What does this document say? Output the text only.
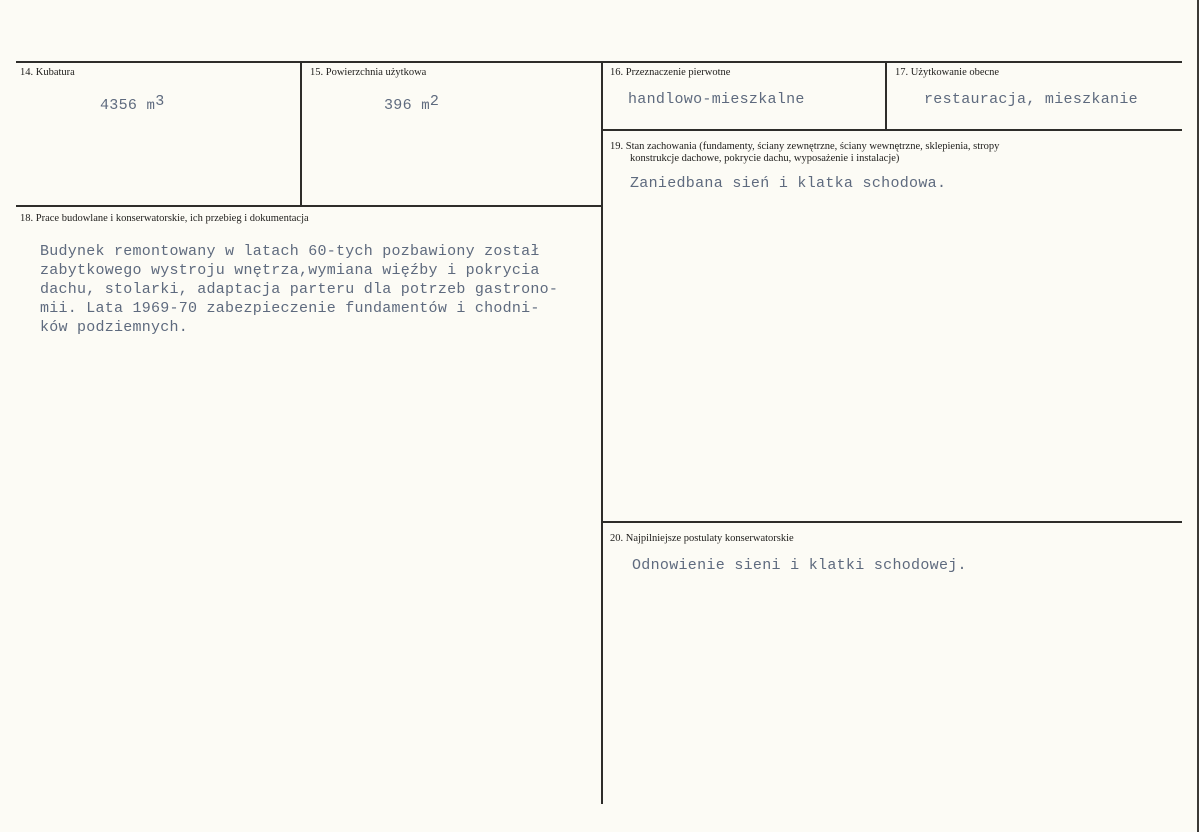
14. Kubatura
4356 $m^3$
15. Powierzchnia użytkowa
396 $m^2$
16. Przeznaczenie pierwotne
handlowo-mieszkalne
17. Użytkowanie obecne
restauracja, mieszkanie
18. Prace budowlane i konserwatorskie, ich przebieg i dokumentacja
Budynek remontowany w latach 60-tych pozbawiony został
zabytkowego wystroju wnętrza,wymiana więźby i pokrycia
dachu, stolarki, adaptacja parteru dla potrzeb gastrono-
mii. Lata 1969-70 zabezpieczenie fundamentów i chodni-
ków podziemnych.
19. Stan zachowania (fundamenty, ściany zewnętrzne, ściany wewnętrzne, sklepienia, stropy
konstrukcje dachowe, pokrycie dachu, wyposażenie i instalacje)
Zaniedbana sień i klatka schodowa.
20. Najpilniejsze postulaty konserwatorskie
Odnowienie sieni i klatki schodowej.
